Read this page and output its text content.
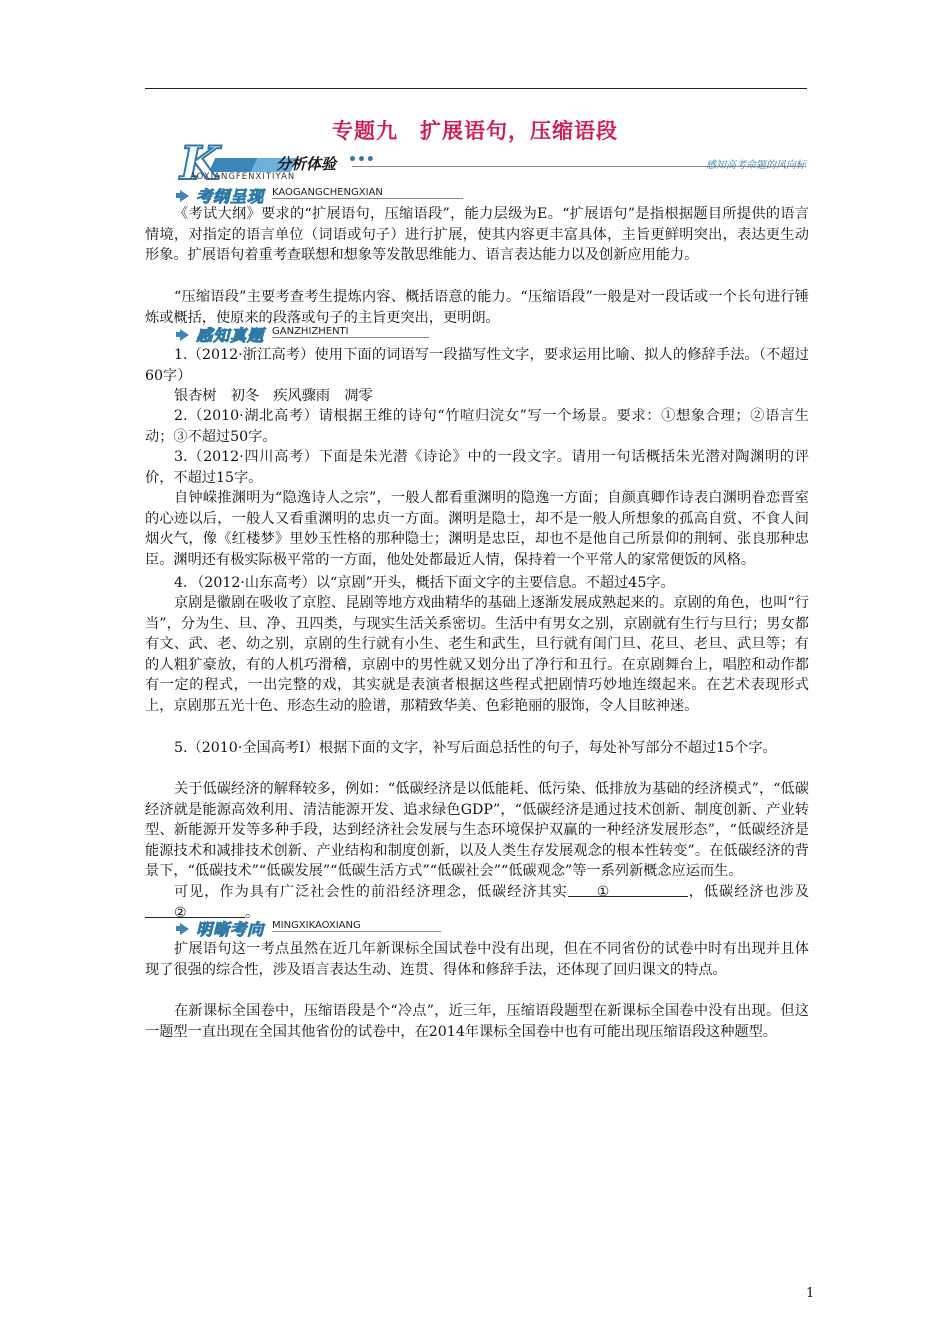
专题九　扩展语句，压缩语段
K	分析体验 •••
AOXIANGFENXITIYAN
感知高考命题的风向标
考纲呈现 KAOGANGCHENGXIAN

《考试大纲》要求的“扩展语句，压缩语段”，能力层级为E。“扩展语句”是指根据题目所提供的语言情境，对指定的语言单位（词语或句子）进行扩展，使其内容更丰富具体，主旨更鲜明突出，表达更生动形象。扩展语句着重考查联想和想象等发散思维能力、语言表达能力以及创新应用能力。

“压缩语段”主要考查考生提炼内容、概括语意的能力。“压缩语段”一般是对一段话或一个长句进行锤炼或概括，使原来的段落或句子的主旨更突出，更明朗。

感知真题 GANZHIZHENTI

1.（2012·浙江高考）使用下面的词语写一段描写性文字，要求运用比喻、拟人的修辞手法。（不超过60字）

银杏树　初冬　疾风骤雨　凋零

2.（2010·湖北高考）请根据王维的诗句“竹喧归浣女”写一个场景。要求：①想象合理；②语言生动；③不超过50字。

3.（2012·四川高考）下面是朱光潜《诗论》中的一段文字。请用一句话概括朱光潜对陶渊明的评价，不超过15字。

自钟嵘推渊明为“隐逸诗人之宗”，一般人都看重渊明的隐逸一方面；自颜真卿作诗表白渊明眷恋晋室的心迹以后，一般人又看重渊明的忠贞一方面。渊明是隐士，却不是一般人所想象的孤高自赏、不食人间烟火气，像《红楼梦》里妙玉性格的那种隐士；渊明是忠臣，却也不是他自己所景仰的荆轲、张良那种忠臣。渊明还有极实际极平常的一方面，他处处都最近人情，保持着一个平常人的家常便饭的风格。

4．（2012·山东高考）以“京剧”开头，概括下面文字的主要信息。不超过45字。

京剧是徽剧在吸收了京腔、昆剧等地方戏曲精华的基础上逐渐发展成熟起来的。京剧的角色，也叫“行当”，分为生、旦、净、丑四类，与现实生活关系密切。生活中有男女之别，京剧就有生行与旦行；男女都有文、武、老、幼之别，京剧的生行就有小生、老生和武生，旦行就有闺门旦、花旦、老旦、武旦等；有的人粗犷豪放，有的人机巧滑稽，京剧中的男性就又划分出了净行和丑行。在京剧舞台上，唱腔和动作都有一定的程式，一出完整的戏，其实就是表演者根据这些程式把剧情巧妙地连缀起来。在艺术表现形式上，京剧那五光十色、形态生动的脸谱，那精致华美、色彩艳丽的服饰，令人目眩神迷。

5.（2010·全国高考Ⅰ）根据下面的文字，补写后面总括性的句子，每处补写部分不超过15个字。

关于低碳经济的解释较多，例如：“低碳经济是以低能耗、低污染、低排放为基础的经济模式”，“低碳经济就是能源高效利用、清洁能源开发、追求绿色GDP”，“低碳经济是通过技术创新、制度创新、产业转型、新能源开发等多种手段，达到经济社会发展与生态环境保护双赢的一种经济发展形态”，“低碳经济是能源技术和减排技术创新、产业结构和制度创新，以及人类生存发展观念的根本性转变”。在低碳经济的背景下，“低碳技术”“低碳发展”“低碳生活方式”“低碳社会”“低碳观念”等一系列新概念应运而生。

可见，作为具有广泛社会性的前沿经济理念，低碳经济其实 ①	，低碳经济也涉及②	。

明晰考向 MINGXIKAOXIANG

扩展语句这一考点虽然在近几年新课标全国试卷中没有出现，但在不同省份的试卷中时有出现并且体现了很强的综合性，涉及语言表达生动、连贯、得体和修辞手法，还体现了回归课文的特点。

在新课标全国卷中，压缩语段是个“冷点”，近三年，压缩语段题型在新课标全国卷中没有出现。但这一题型一直出现在全国其他省份的试卷中，在2014年课标全国卷中也有可能出现压缩语段这种题型。

1
